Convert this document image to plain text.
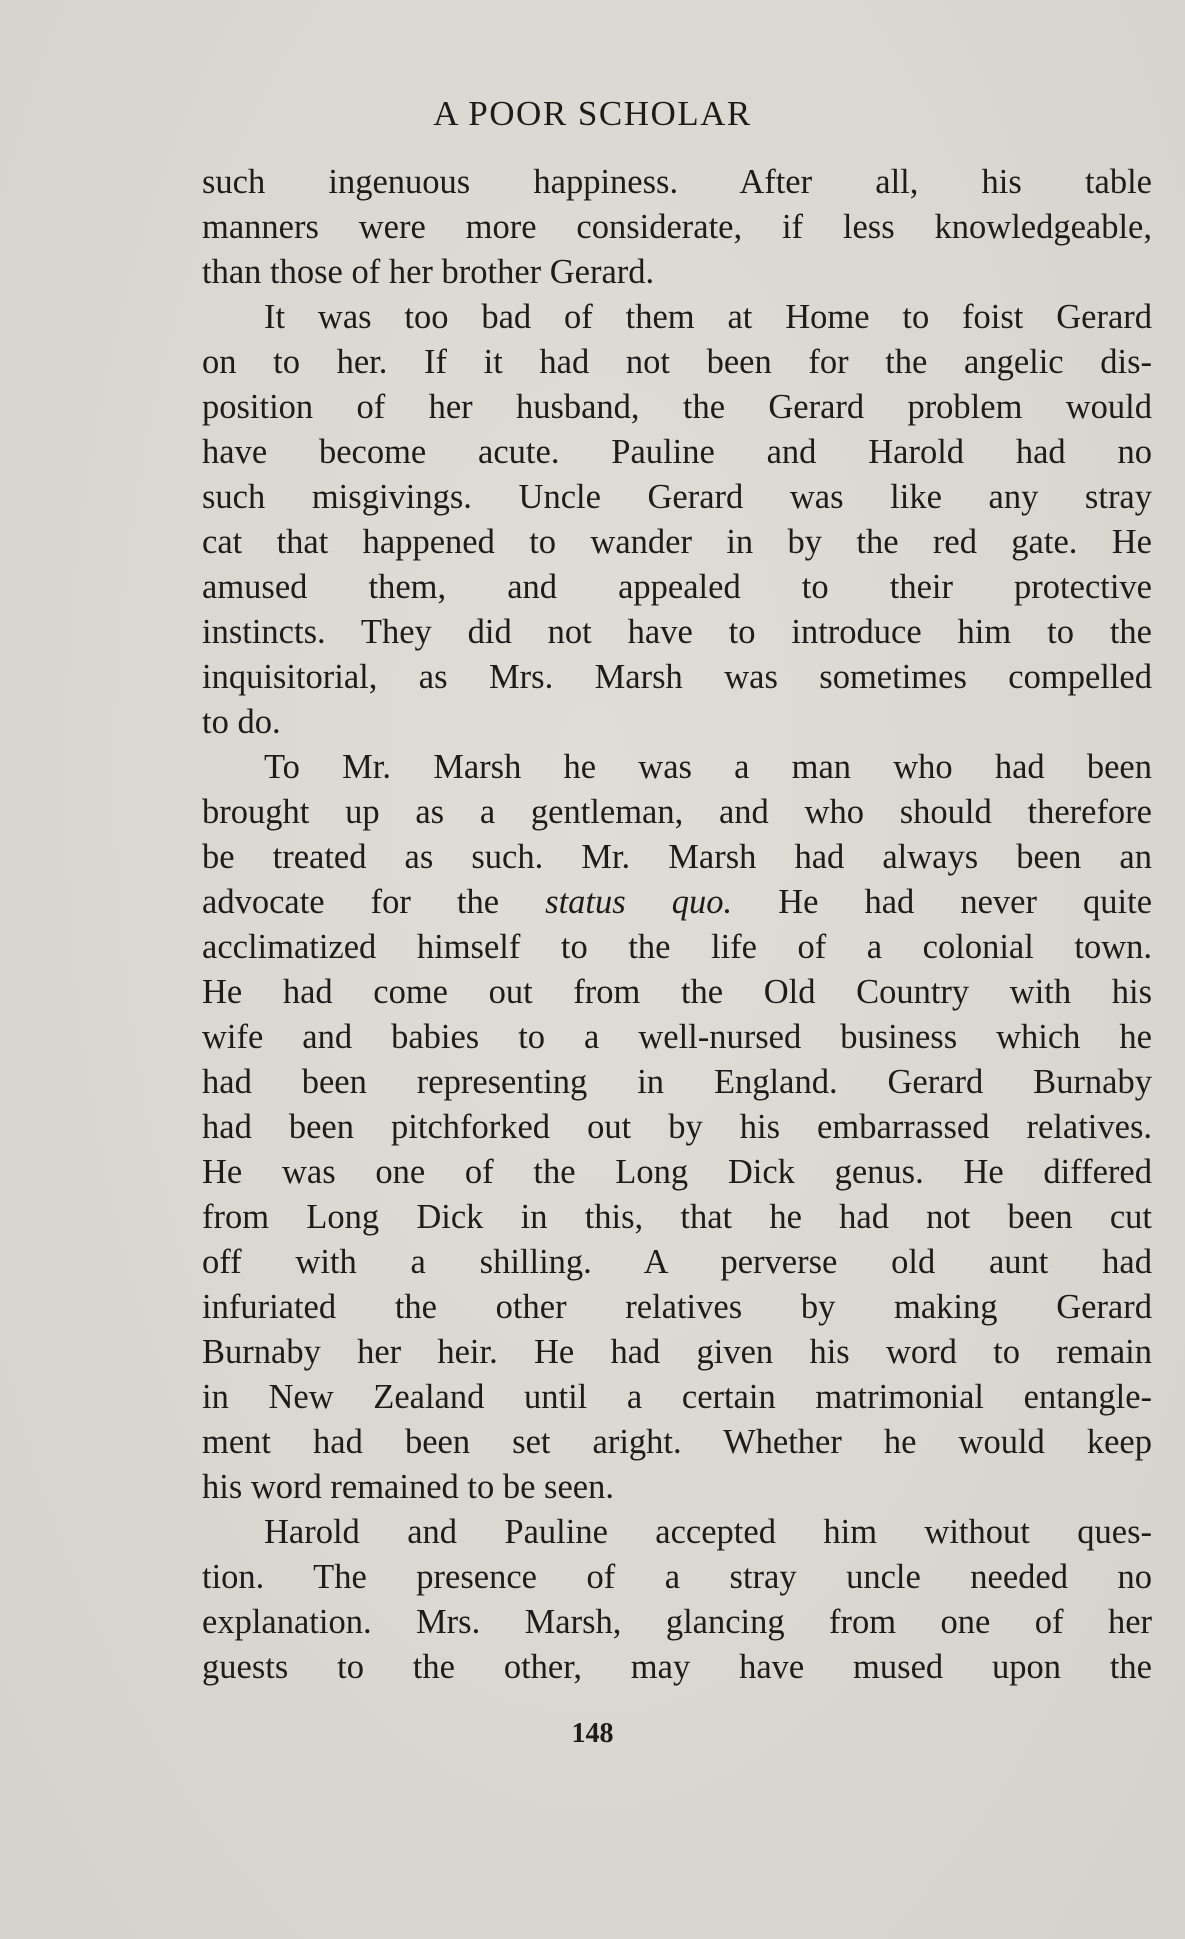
A POOR SCHOLAR
such ingenuous happiness. After all, his table
manners were more considerate, if less knowledgeable,
than those of her brother Gerard.
It was too bad of them at Home to foist Gerard
on to her. If it had not been for the angelic dis-
position of her husband, the Gerard problem would
have become acute. Pauline and Harold had no
such misgivings. Uncle Gerard was like any stray
cat that happened to wander in by the red gate. He
amused them, and appealed to their protective
instincts. They did not have to introduce him to the
inquisitorial, as Mrs. Marsh was sometimes compelled
to do.
To Mr. Marsh he was a man who had been
brought up as a gentleman, and who should therefore
be treated as such. Mr. Marsh had always been an
advocate for the status quo. He had never quite
acclimatized himself to the life of a colonial town.
He had come out from the Old Country with his
wife and babies to a well-nursed business which he
had been representing in England. Gerard Burnaby
had been pitchforked out by his embarrassed relatives.
He was one of the Long Dick genus. He differed
from Long Dick in this, that he had not been cut
off with a shilling. A perverse old aunt had
infuriated the other relatives by making Gerard
Burnaby her heir. He had given his word to remain
in New Zealand until a certain matrimonial entangle-
ment had been set aright. Whether he would keep
his word remained to be seen.
Harold and Pauline accepted him without ques-
tion. The presence of a stray uncle needed no
explanation. Mrs. Marsh, glancing from one of her
guests to the other, may have mused upon the
148
